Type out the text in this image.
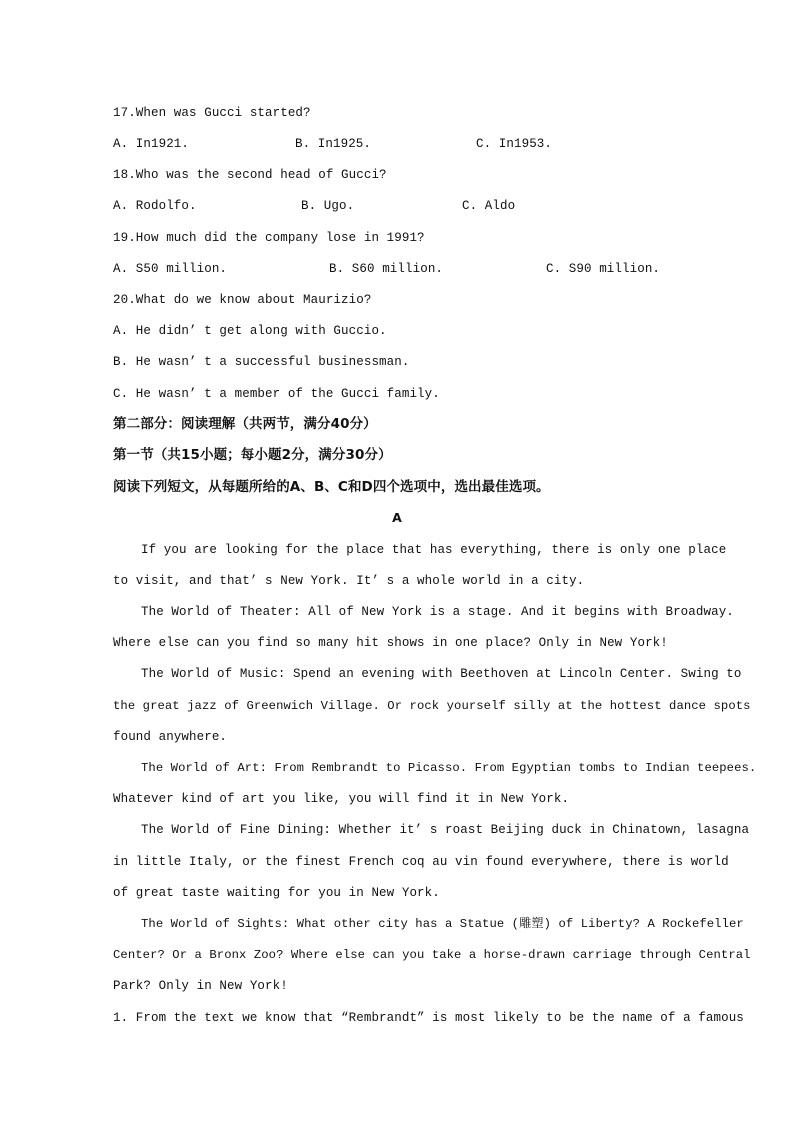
17.When was Gucci started?
A. In1921.	B. In1925.	C. In1953.
18.Who was the second head of Gucci?
A. Rodolfo.	B. Ugo.	C. Aldo
19.How much did the company lose in 1991?
A. S50 million.	B. S60 million.	C. S90 million.
20.What do we know about Maurizio?
A. He didn’ t get along with Guccio.
B. He wasn’ t a successful businessman.
C. He wasn’ t a member of the Gucci family.
第二部分：阅读理解（共两节，满分40分）
第一节（共15小题；每小题2分，满分30分）
阅读下列短文，从每题所给的A、B、C和D四个选项中，选出最佳选项。
A
If you are looking for the place that has everything, there is only one place
to visit, and that’ s New York. It’ s a whole world in a city.
The World of Theater: All of New York is a stage. And it begins with Broadway.
Where else can you find so many hit shows in one place? Only in New York!
The World of Music: Spend an evening with Beethoven at Lincoln Center. Swing to
the great jazz of Greenwich Village. Or rock yourself silly at the hottest dance spots
found anywhere.
The World of Art: From Rembrandt to Picasso. From Egyptian tombs to Indian teepees.
Whatever kind of art you like, you will find it in New York.
The World of Fine Dining: Whether it’ s roast Beijing duck in Chinatown, lasagna
in little Italy, or the finest French coq au vin found everywhere, there is world
of great taste waiting for you in New York.
The World of Sights: What other city has a Statue (雕塑) of Liberty? A Rockefeller
Center? Or a Bronx Zoo? Where else can you take a horse-drawn carriage through Central
Park? Only in New York!
1. From the text we know that “Rembrandt” is most likely to be the name of a famous
